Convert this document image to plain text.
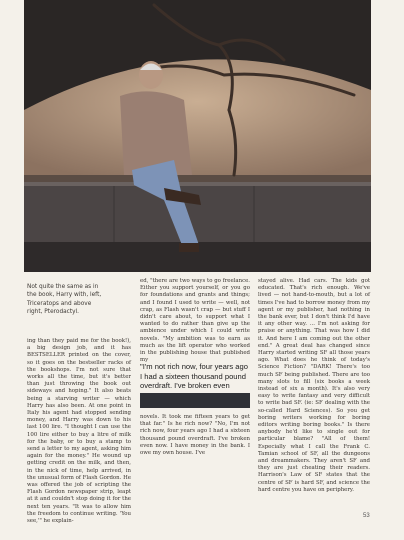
Not quite the same as in the book, Harry with, left, Triceratops and above right, Pterodactyl.
ing than they paid me for the book!), a big design job, and it has BESTSELLER printed on the cover, so it goes on the bestseller racks of the bookshops. I'm not sure that works all the time, but it's better than just throwing the book out sideways and hoping." It also beats being a starving writer — which Harry has also been. At one point in Italy his agent had stopped sending money, and Harry was down to his last 100 lire. "I thought I can use the 100 lire either to buy a litre of milk for the baby, or to buy a stamp to send a letter to my agent, asking him again for the money." He wound up getting credit on the milk, and then, in the nick of time, help arrived, in the unusual form of Flash Gordon. He was offered the job of scripting the Flash Gordon newspaper strip, leapt at it and couldn't stop doing it for the next ten years. "It was to allow him the freedom to continue writing. 'You see,'" he explain-
ed, "there are two ways to go freelance. Either you support yourself, or you go for foundations and grants and things; and I found I used to write — well, not crap, as Flash wasn't crap — but stuff I didn't care about, to support what I wanted to do rather than give up the ambience under which I could write novels. "My ambition was to earn as much as the lift operator who worked in the publishing house that published my
"I'm not rich now, four years ago I had a sixteen thousand pound overdraft. I've broken even
novels. It took me fifteen years to get that far." Is he rich now? "No, I'm not rich now, four years ago I had a sixteen thousand pound overdraft. I've broken even now. I have money in the bank. I owe my own house. I've
stayed alive. Had cars. The kids got educated. That's rich enough. We've lived — not hand-to-mouth, but a lot of times I've had to borrow money from my agent or my publisher, had nothing in the bank ever, but I don't think I'd have it any other way. ... I'm not asking for praise or anything. That was how I did it. And here I am coming out the other end." A great deal has changed since Harry started writing SF all those years ago. What does he think of today's Science Fiction? "DARK! There's too much SF being published. There are too many slots to fill (six books a week instead of six a month). It's also very easy to write fantasy and very difficult to write bad SF. (ie: SF dealing with the so-called Hard Sciences). So you get boring writers working for boring editors writing boring books." Is there anybody he'd like to single out for particular blame? "All of them! Especially what I call the Frank C. Tamian school of SF, all the dungeons and dreammakers. They aren't SF and they are just cheating their readers. Harrison's Law of SF states that the centre of SF is hard SF, and science the hard centre you have on periphery.
53
